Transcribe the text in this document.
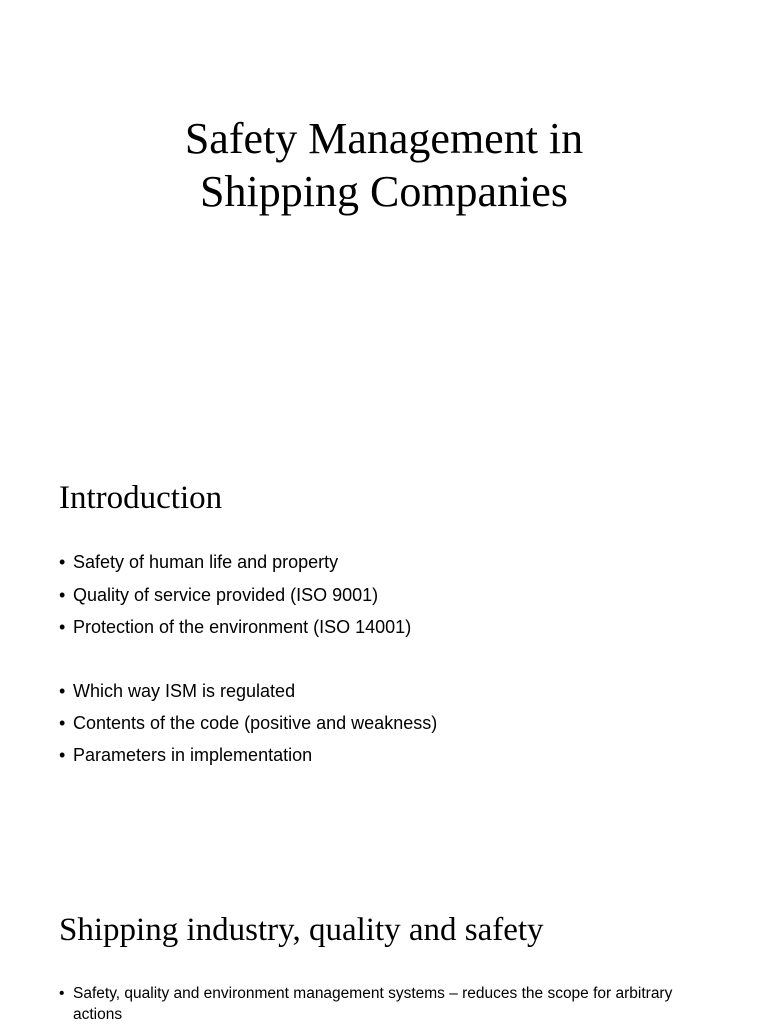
Safety Management in
Shipping Companies
Introduction
• Safety of human life and property
• Quality of service provided (ISO 9001)
• Protection of the environment (ISO 14001)
• Which way ISM is regulated
• Contents of the code (positive and weakness)
• Parameters in implementation
Shipping industry, quality and safety
• Safety, quality and environment management systems – reduces the scope for arbitrary actions
